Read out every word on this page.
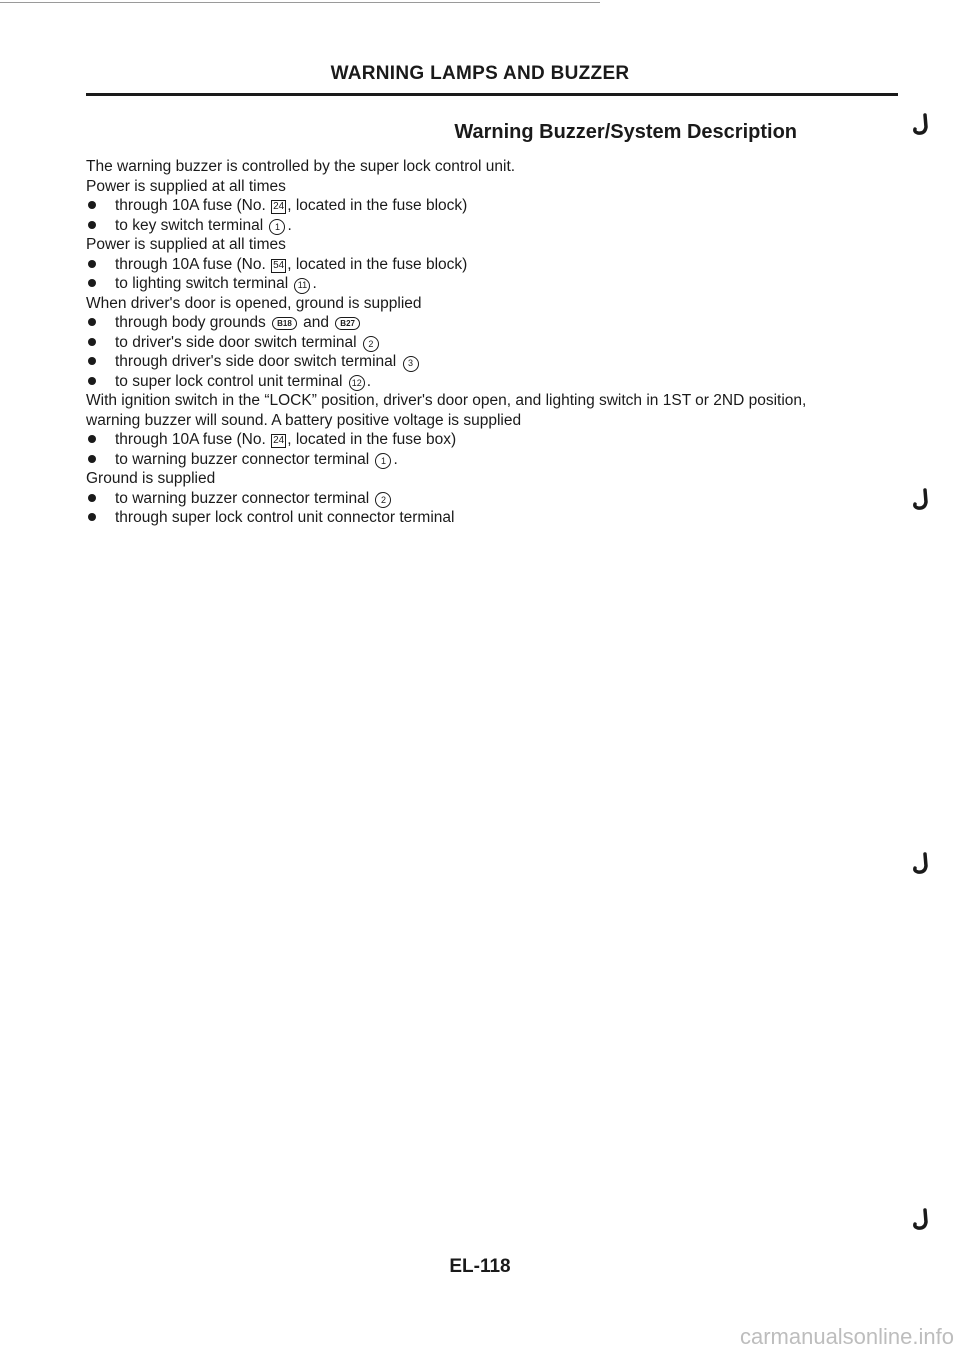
WARNING LAMPS AND BUZZER
Warning Buzzer/System Description
The warning buzzer is controlled by the super lock control unit.
Power is supplied at all times
through 10A fuse (No. 24 , located in the fuse block)
to key switch terminal 1 .
Power is supplied at all times
through 10A fuse (No. 54 , located in the fuse block)
to lighting switch terminal 11 .
When driver's door is opened, ground is supplied
through body grounds B18 and B27
to driver's side door switch terminal 2
through driver's side door switch terminal 3
to super lock control unit terminal 12 .
With ignition switch in the “LOCK” position, driver's door open, and lighting switch in 1ST or 2ND position,
warning buzzer will sound. A battery positive voltage is supplied
through 10A fuse (No. 24 , located in the fuse box)
to warning buzzer connector terminal 1 .
Ground is supplied
to warning buzzer connector terminal 2
through super lock control unit connector terminal
EL-118
carmanualsonline.info
